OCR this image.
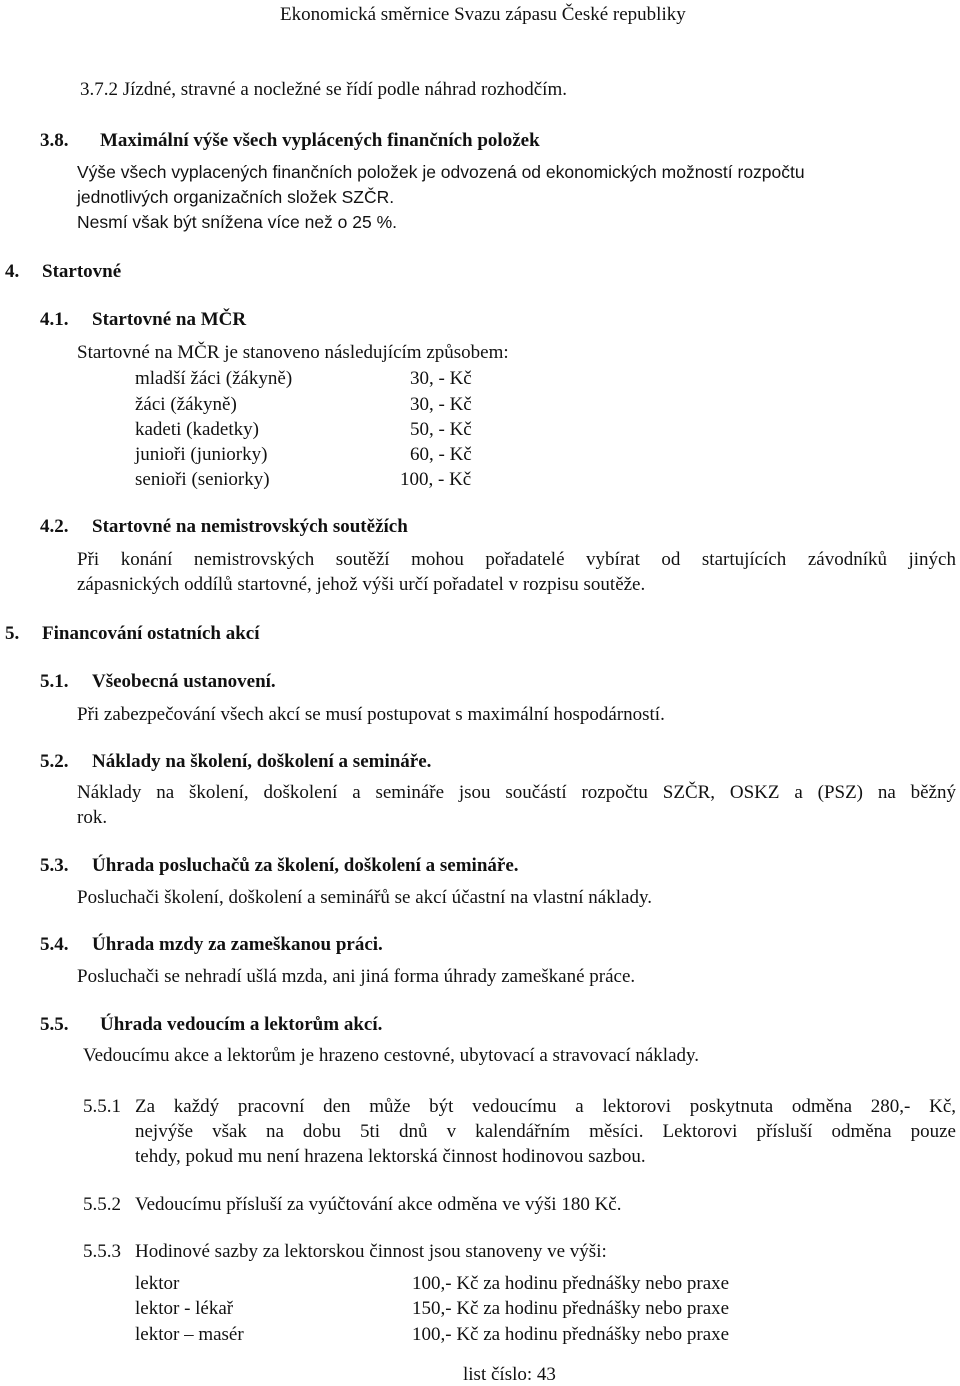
Ekonomická směrnice Svazu zápasu České republiky
3.7.2 Jízdné, stravné a nocležné se řídí podle náhrad rozhodčím.
3.8. Maximální výše všech vyplácených finančních položek
Výše všech vyplacených finančních položek je odvozená od ekonomických možností rozpočtu
jednotlivých organizačních složek SZČR.
Nesmí však být snížena více než o 25 %.
4. Startovné
4.1. Startovné na MČR
Startovné na MČR je stanoveno následujícím způsobem:
mladší žáci (žákyně)	30, - Kč
žáci (žákyně)	30, - Kč
kadeti (kadetky)	50, - Kč
junioři (juniorky)	60, - Kč
senioři (seniorky)	100, - Kč
4.2. Startovné na nemistrovských soutěžích
Při konání nemistrovských soutěží mohou pořadatelé vybírat od startujících závodníků jiných
zápasnických oddílů startovné, jehož výši určí pořadatel v rozpisu soutěže.
5. Financování ostatních akcí
5.1. Všeobecná ustanovení.
Při zabezpečování všech akcí se musí postupovat s maximální hospodárností.
5.2. Náklady na školení, doškolení a semináře.
Náklady na školení, doškolení a semináře jsou součástí rozpočtu SZČR, OSKZ a (PSZ) na běžný
rok.
5.3. Úhrada posluchačů za školení, doškolení a semináře.
Posluchači školení, doškolení a seminářů se akcí účastní na vlastní náklady.
5.4. Úhrada mzdy za zameškanou práci.
Posluchači se nehradí ušlá mzda, ani jiná forma úhrady zameškané práce.
5.5. Úhrada vedoucím a lektorům akcí.
Vedoucímu akce a lektorům je hrazeno cestovné, ubytovací a stravovací náklady.
5.5.1 Za každý pracovní den může být vedoucímu a lektorovi poskytnuta odměna 280,- Kč,
nejvýše však na dobu 5ti dnů v kalendářním měsíci. Lektorovi přísluší odměna pouze
tehdy, pokud mu není hrazena lektorská činnost hodinovou sazbou.
5.5.2 Vedoucímu přísluší za vyúčtování akce odměna ve výši 180 Kč.
5.5.3 Hodinové sazby za lektorskou činnost jsou stanoveny ve výši:
lektor	100,- Kč za hodinu přednášky nebo praxe
lektor - lékař	150,- Kč za hodinu přednášky nebo praxe
lektor – masér	100,- Kč za hodinu přednášky nebo praxe
list číslo: 43
